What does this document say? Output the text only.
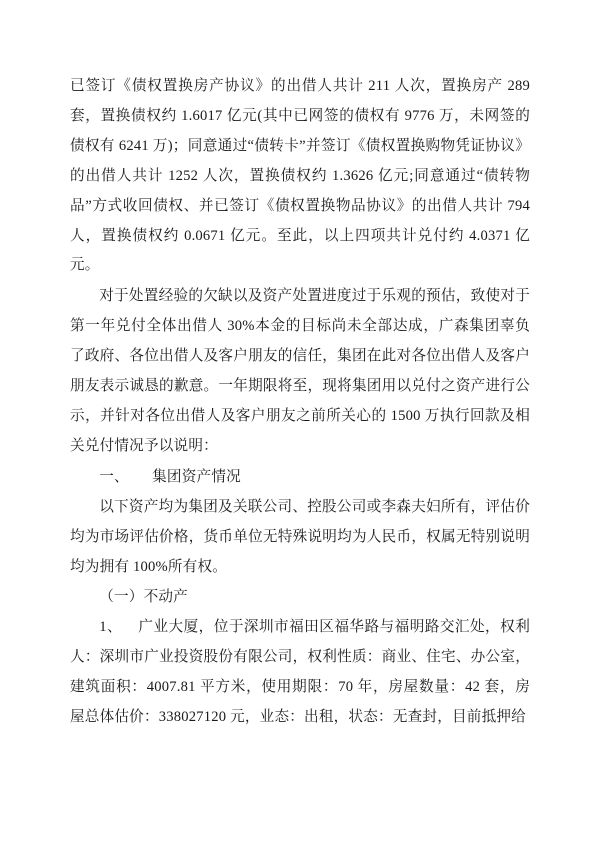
已签订《债权置换房产协议》的出借人共计 211 人次，置换房产 289 套，置换债权约 1.6017 亿元(其中已网签的债权有 9776 万，未网签的债权有 6241 万)；同意通过“债转卡”并签订《债权置换购物凭证协议》的出借人共计 1252 人次，置换债权约 1.3626 亿元;同意通过“债转物品”方式收回债权、并已签订《债权置换物品协议》的出借人共计 794 人，置换债权约 0.0671 亿元。至此，以上四项共计兑付约 4.0371 亿元。

对于处置经验的欠缺以及资产处置进度过于乐观的预估，致使对于第一年兑付全体出借人 30%本金的目标尚未全部达成，广森集团辜负了政府、各位出借人及客户朋友的信任，集团在此对各位出借人及客户朋友表示诚恳的歉意。一年期限将至，现将集团用以兑付之资产进行公示，并针对各位出借人及客户朋友之前所关心的 1500 万执行回款及相关兑付情况予以说明：

一、 集团资产情况

以下资产均为集团及关联公司、控股公司或李森夫妇所有，评估价均为市场评估价格，货币单位无特殊说明均为人民币，权属无特别说明均为拥有 100%所有权。

（一）不动产

1、 广业大厦，位于深圳市福田区福华路与福明路交汇处，权利人：深圳市广业投资股份有限公司，权利性质：商业、住宅、办公室，建筑面积：4007.81 平方米，使用期限：70 年，房屋数量：42 套，房屋总体估价：338027120 元，业态：出租，状态：无查封，目前抵押给
